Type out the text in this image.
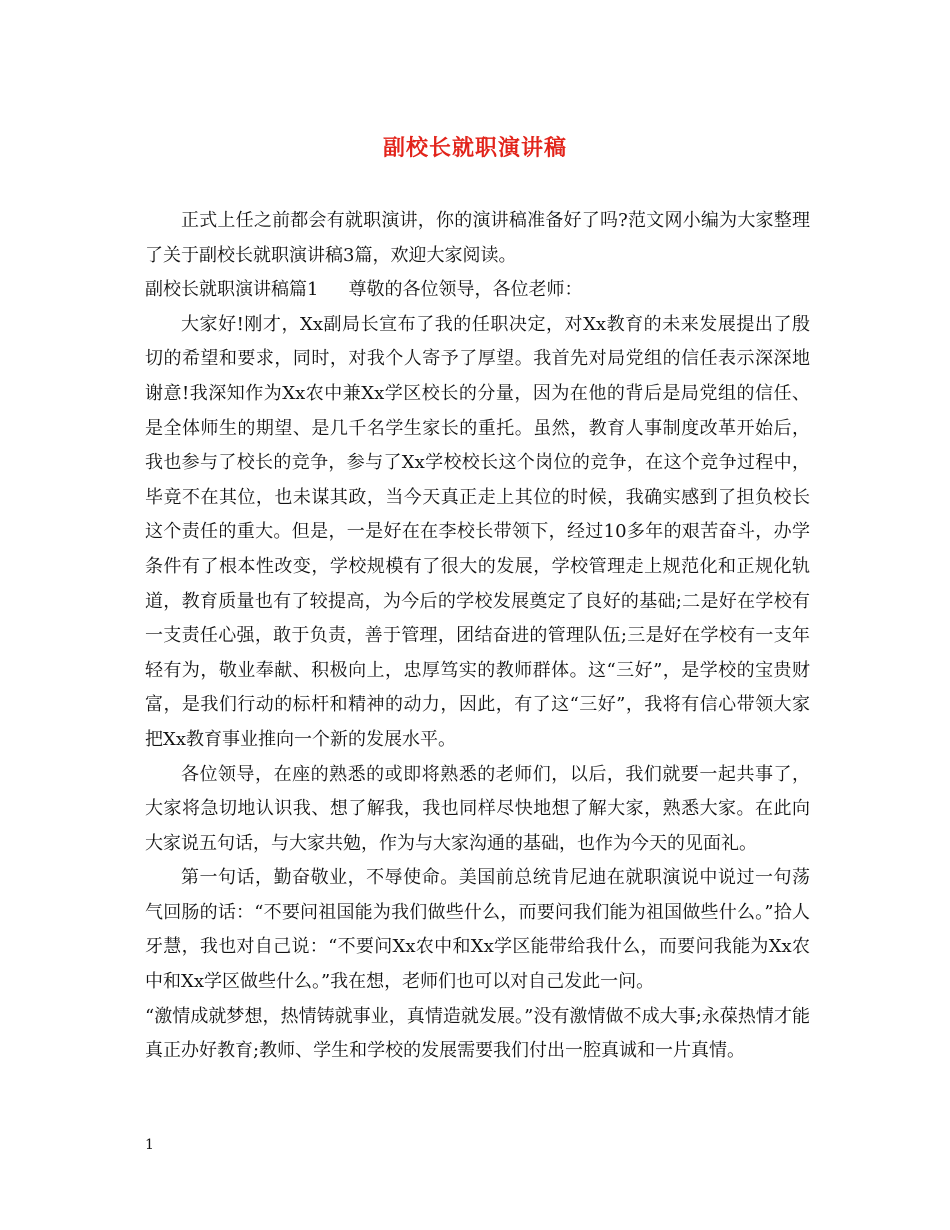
副校长就职演讲稿

正式上任之前都会有就职演讲，你的演讲稿准备好了吗?范文网小编为大家整理了关于副校长就职演讲稿3篇，欢迎大家阅读。

副校长就职演讲稿篇1 尊敬的各位领导，各位老师：

大家好!刚才，Xx副局长宣布了我的任职决定，对Xx教育的未来发展提出了殷切的希望和要求，同时，对我个人寄予了厚望。我首先对局党组的信任表示深深地谢意!我深知作为Xx农中兼Xx学区校长的分量，因为在他的背后是局党组的信任、是全体师生的期望、是几千名学生家长的重托。虽然，教育人事制度改革开始后，我也参与了校长的竞争，参与了Xx学校校长这个岗位的竞争，在这个竞争过程中，毕竟不在其位，也未谋其政，当今天真正走上其位的时候，我确实感到了担负校长这个责任的重大。但是，一是好在在李校长带领下，经过10多年的艰苦奋斗，办学条件有了根本性改变，学校规模有了很大的发展，学校管理走上规范化和正规化轨道，教育质量也有了较提高，为今后的学校发展奠定了良好的基础;二是好在学校有一支责任心强，敢于负责，善于管理，团结奋进的管理队伍;三是好在学校有一支年轻有为，敬业奉献、积极向上，忠厚笃实的教师群体。这“三好”，是学校的宝贵财富，是我们行动的标杆和精神的动力，因此，有了这“三好”，我将有信心带领大家把Xx教育事业推向一个新的发展水平。

各位领导，在座的熟悉的或即将熟悉的老师们，以后，我们就要一起共事了，大家将急切地认识我、想了解我，我也同样尽快地想了解大家，熟悉大家。在此向大家说五句话，与大家共勉，作为与大家沟通的基础，也作为今天的见面礼。

第一句话，勤奋敬业，不辱使命。美国前总统肯尼迪在就职演说中说过一句荡气回肠的话：“不要问祖国能为我们做些什么，而要问我们能为祖国做些什么。”拾人牙慧，我也对自己说：“不要问Xx农中和Xx学区能带给我什么，而要问我能为Xx农中和Xx学区做些什么。”我在想，老师们也可以对自己发此一问。

“激情成就梦想，热情铸就事业，真情造就发展。”没有激情做不成大事;永葆热情才能真正办好教育;教师、学生和学校的发展需要我们付出一腔真诚和一片真情。

1
